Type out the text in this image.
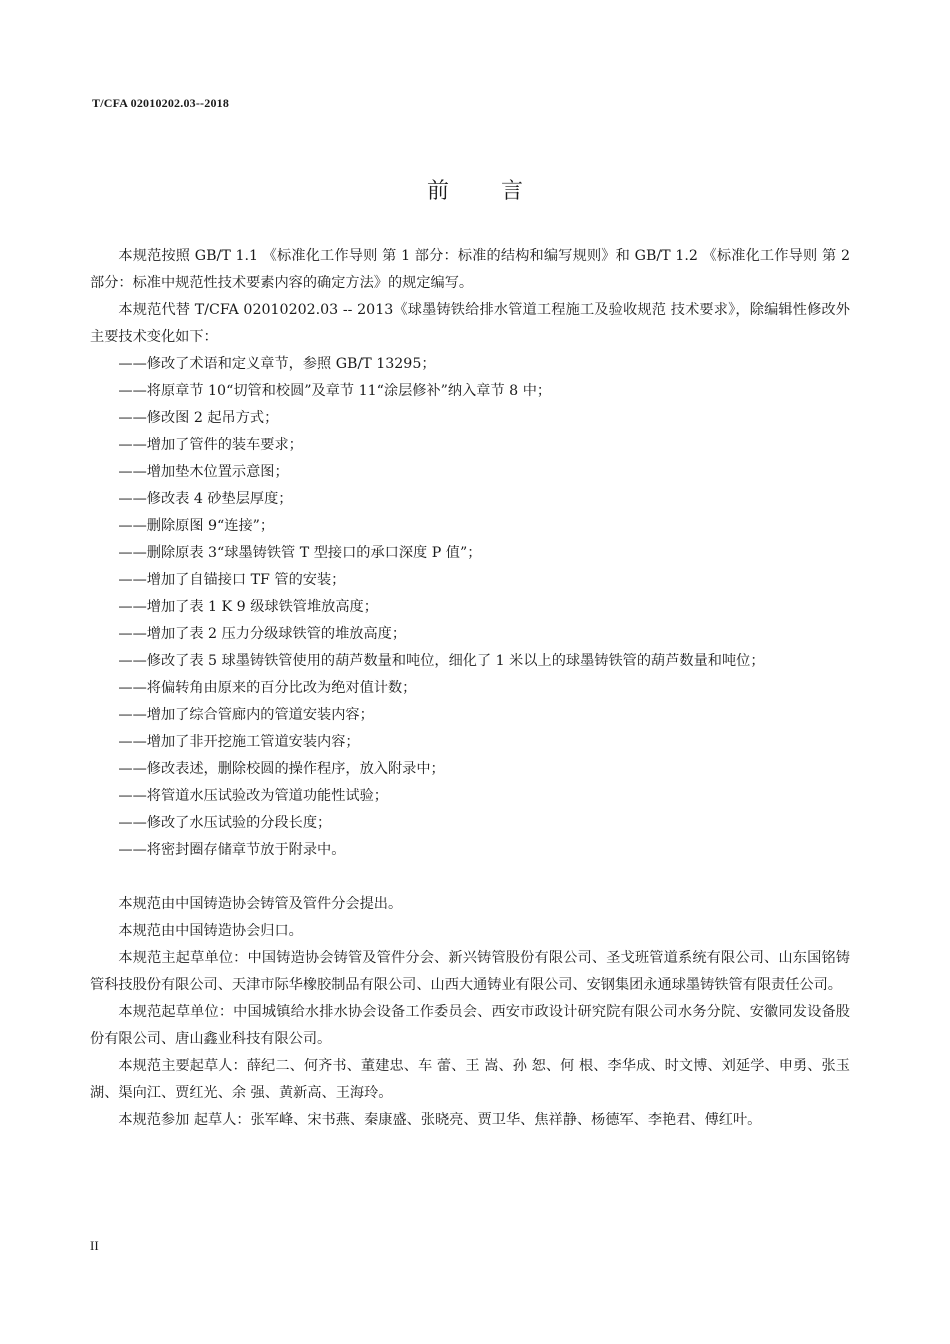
T/CFA 02010202.03--2018
前言

本规范按照 GB/T 1.1 《标准化工作导则 第 1 部分：标准的结构和编写规则》和 GB/T 1.2 《标准化工作导则 第 2 部分：标准中规范性技术要素内容的确定方法》的规定编写。

本规范代替 T/CFA 02010202.03 -- 2013《球墨铸铁给排水管道工程施工及验收规范 技术要求》，除编辑性修改外主要技术变化如下：

——修改了术语和定义章节，参照 GB/T 13295；

——将原章节 10“切管和校圆”及章节 11“涂层修补”纳入章节 8 中；

——修改图 2 起吊方式；

——增加了管件的装车要求；

——增加垫木位置示意图；

——修改表 4 砂垫层厚度；

——删除原图 9“连接”；

——删除原表 3“球墨铸铁管 T 型接口的承口深度 P 值”；

——增加了自锚接口 TF 管的安装；

——增加了表 1 K 9 级球铁管堆放高度；

——增加了表 2 压力分级球铁管的堆放高度；

——修改了表 5 球墨铸铁管使用的葫芦数量和吨位，细化了 1 米以上的球墨铸铁管的葫芦数量和吨位；

——将偏转角由原来的百分比改为绝对值计数；

——增加了综合管廊内的管道安装内容；

——增加了非开挖施工管道安装内容；

——修改表述，删除校圆的操作程序，放入附录中；

——将管道水压试验改为管道功能性试验；

——修改了水压试验的分段长度；

——将密封圈存储章节放于附录中。

本规范由中国铸造协会铸管及管件分会提出。

本规范由中国铸造协会归口。

本规范主起草单位：中国铸造协会铸管及管件分会、新兴铸管股份有限公司、圣戈班管道系统有限公司、山东国铭铸管科技股份有限公司、天津市际华橡胶制品有限公司、山西大通铸业有限公司、安钢集团永通球墨铸铁管有限责任公司。

本规范起草单位：中国城镇给水排水协会设备工作委员会、西安市政设计研究院有限公司水务分院、安徽同发设备股份有限公司、唐山鑫业科技有限公司。

本规范主要起草人：薛纪二、何齐书、董建忠、车 蕾、王 嵩、孙 恕、何 根、李华成、时文博、刘延学、申勇、张玉湖、渠向江、贾红光、余 强、黄新高、王海玲。

本规范参加 起草人：张军峰、宋书燕、秦康盛、张晓亮、贾卫华、焦祥静、杨德军、李艳君、傅红叶。

II
